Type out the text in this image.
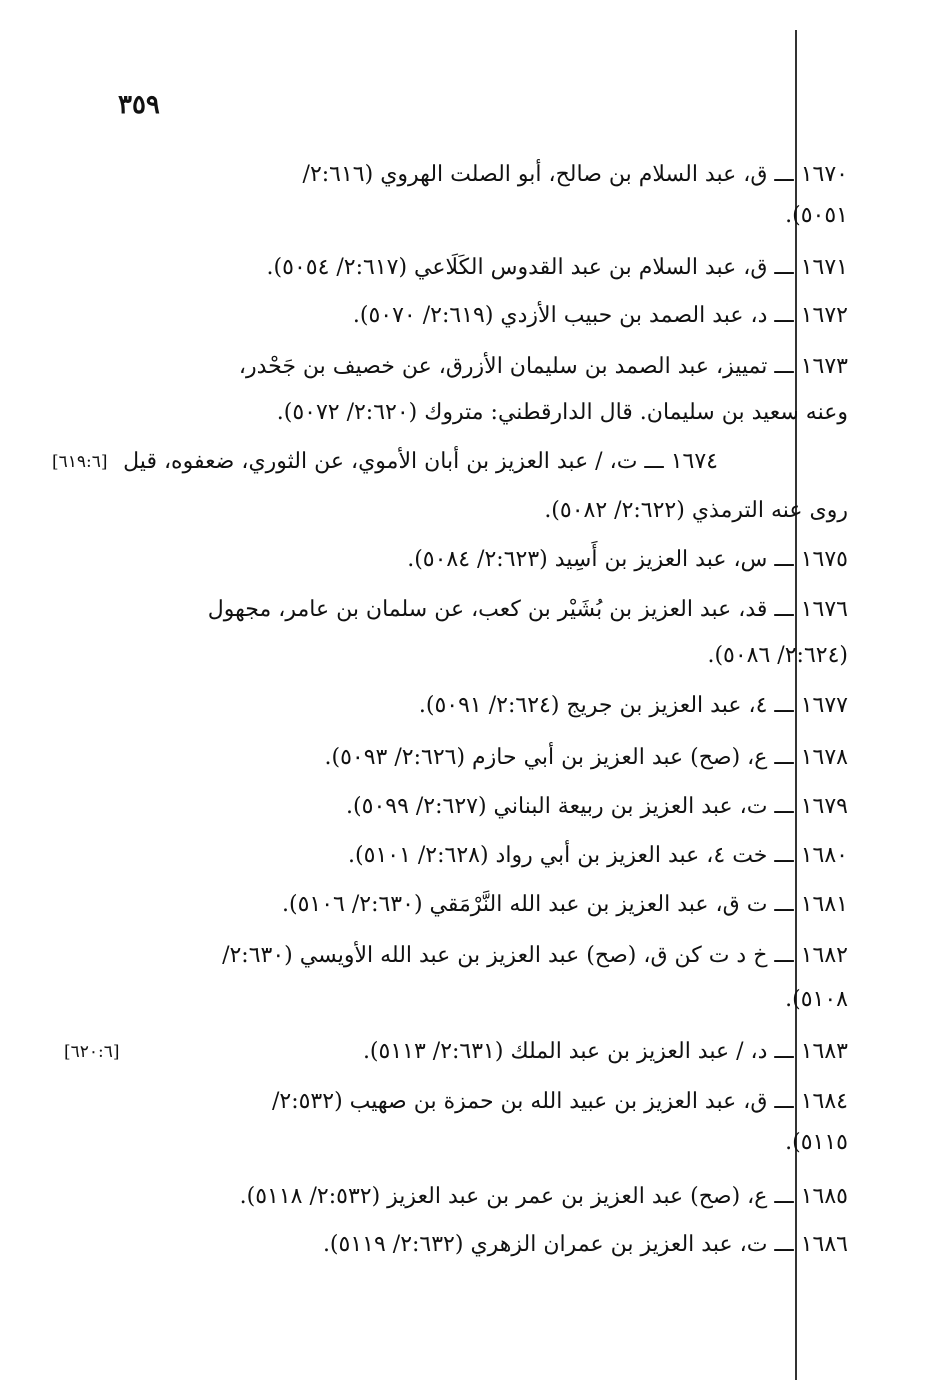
٣٥٩
١٦٧٠ ـــ ق، عبد السلام بن صالح، أبو الصلت الهروي (٢:٦١٦/
٥٠٥١).
١٦٧١ ـــ ق، عبد السلام بن عبد القدوس الكَلَاعي (٢:٦١٧/ ٥٠٥٤).
١٦٧٢ ـــ د، عبد الصمد بن حبيب الأزدي (٢:٦١٩/ ٥٠٧٠).
١٦٧٣ ـــ تمييز، عبد الصمد بن سليمان الأزرق، عن خصيف بن جَحْدر،
وعنه سعيد بن سليمان. قال الدارقطني: متروك (٢:٦٢٠/ ٥٠٧٢).
١٦٧٤ ـــ ت، / عبد العزيز بن أبان الأموي، عن الثوري، ضعفوه، قيل
روى عنه الترمذي (٢:٦٢٢/ ٥٠٨٢).
١٦٧٥ ـــ س، عبد العزيز بن أَسِيد (٢:٦٢٣/ ٥٠٨٤).
١٦٧٦ ـــ قد، عبد العزيز بن بُشَيْر بن كعب، عن سلمان بن عامر، مجهول
(٢:٦٢٤/ ٥٠٨٦).
١٦٧٧ ـــ ٤، عبد العزيز بن جريج (٢:٦٢٤/ ٥٠٩١).
١٦٧٨ ـــ ع، (صح) عبد العزيز بن أبي حازم (٢:٦٢٦/ ٥٠٩٣).
١٦٧٩ ـــ ت، عبد العزيز بن ربيعة البناني (٢:٦٢٧/ ٥٠٩٩).
١٦٨٠ ـــ خت ٤، عبد العزيز بن أبي رواد (٢:٦٢٨/ ٥١٠١).
١٦٨١ ـــ ت ق، عبد العزيز بن عبد الله النَّرْمَقي (٢:٦٣٠/ ٥١٠٦).
١٦٨٢ ـــ خ د ت كن ق، (صح) عبد العزيز بن عبد الله الأويسي (٢:٦٣٠/
٥١٠٨).
١٦٨٣ ـــ د، / عبد العزيز بن عبد الملك (٢:٦٣١/ ٥١١٣).
١٦٨٤ ـــ ق، عبد العزيز بن عبيد الله بن حمزة بن صهيب (٢:٥٣٢/
٥١١٥).
١٦٨٥ ـــ ع، (صح) عبد العزيز بن عمر بن عبد العزيز (٢:٥٣٢/ ٥١١٨).
١٦٨٦ ـــ ت، عبد العزيز بن عمران الزهري (٢:٦٣٢/ ٥١١٩).
[٦١٩:٦]
[٦٢٠:٦]
